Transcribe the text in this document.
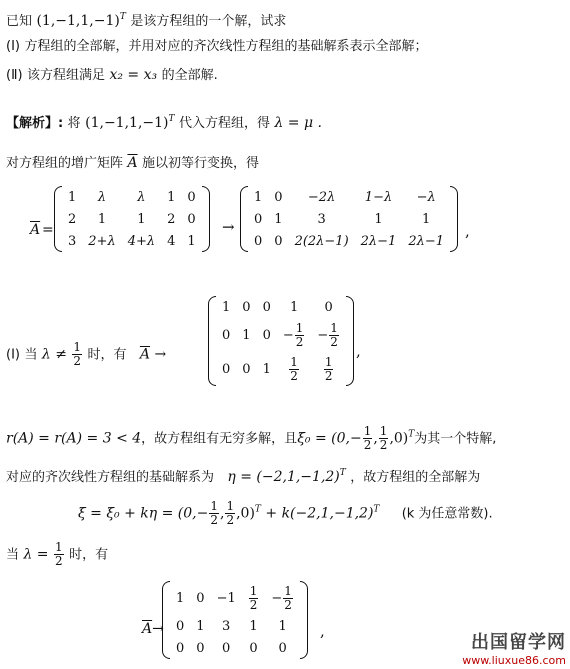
已知 $(1,-1,1,-1)^T$ 是该方程组的一个解，试求
(Ⅰ) 方程组的全部解，并用对应的齐次线性方程组的基础解系表示全部解；
(Ⅱ) 该方程组满足 x₂ = x₃ 的全部解.
【解析】: 将 $(1,-1,1,-1)^T$ 代入方程组，得 λ = μ .
对方程组的增广矩阵 $\overline{A}$ 施以初等行变换，得
$\overline{A}$ =
1	λ	λ	1	0
2	1	1	2	0
3	2+λ	4+λ	4	1
→
1	0	−2λ	1−λ	−λ
0	1	3	1	1
0	0	2(2λ−1)	2λ−1	2λ−1
,
(Ⅰ) 当 $\lambda \ne \frac{1}{2}$ 时，有 $\overline{A}$ →
1	0	0	1	0
0	1	0	− $\frac{1}{2}$	− $\frac{1}{2}$

0	0	1	$\frac{1}{2}$	$\frac{1}{2}$
,
r(A) = r(A) = 3 < 4，故方程组有无穷多解，且$\xi_0 = (0,- \frac{1}{2}$ , $\frac{1}{2} ,0)^T$为其一个特解,
对应的齐次线性方程组的基础解系为 $\eta = (-2,1,-1,2)^T$ ，故方程组的全部解为
$\xi = \xi_0 + k\eta = (0,- \frac{1}{2}$ , $\frac{1}{2} ,0)^T + k(-2,1,-1,2)^T$ (k 为任意常数).
当 $\lambda = \frac{1}{2}$ 时，有
$\overline{A}\to$
1	0	−1	$\frac{1}{2}$	− $\frac{1}{2}$

0	1	3	1	1
0	0	0	0	0
,
出国留学网
www.liuxue86.com
